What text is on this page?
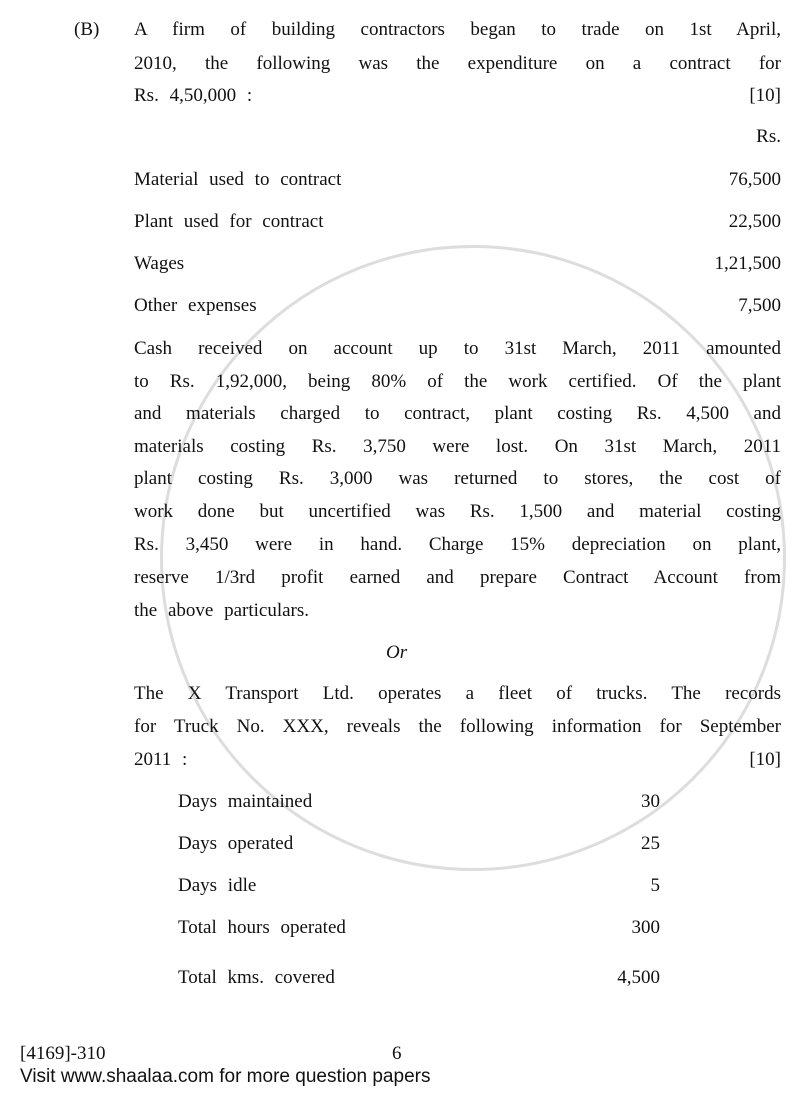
(B) A firm of building contractors began to trade on 1st April,
2010, the following was the expenditure on a contract for
Rs. 4,50,000 :	[10]
Rs.
Material used to contract	76,500
Plant used for contract	22,500
Wages	1,21,500
Other expenses	7,500
Cash received on account up to 31st March, 2011 amounted
to Rs. 1,92,000, being 80% of the work certified. Of the plant
and materials charged to contract, plant costing Rs. 4,500 and
materials costing Rs. 3,750 were lost. On 31st March, 2011
plant costing Rs. 3,000 was returned to stores, the cost of
work done but uncertified was Rs. 1,500 and material costing
Rs. 3,450 were in hand. Charge 15% depreciation on plant,
reserve 1/3rd profit earned and prepare Contract Account from
the above particulars.
Or
The X Transport Ltd. operates a fleet of trucks. The records
for Truck No. XXX, reveals the following information for September
2011 :	[10]
Days maintained	30
Days operated	25
Days idle	5
Total hours operated	300
Total kms. covered	4,500
[4169]-310	6
Visit www.shaalaa.com for more question papers
